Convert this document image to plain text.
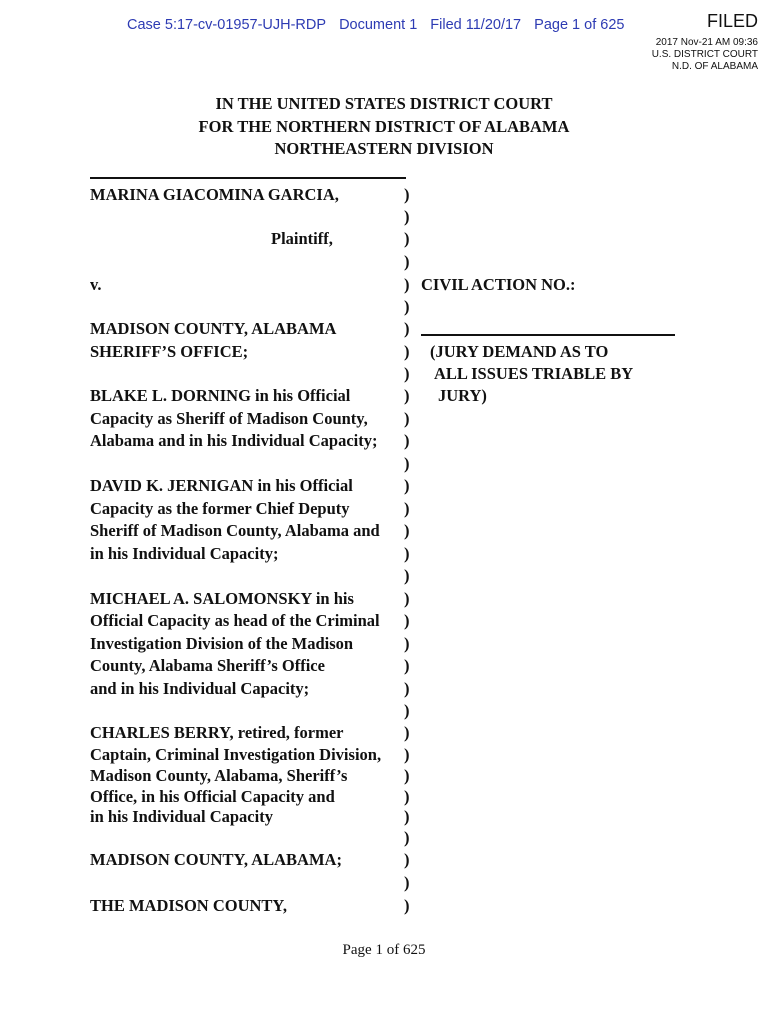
Case 5:17-cv-01957-UJH-RDP Document 1 Filed 11/20/17 Page 1 of 625	FILED
2017 Nov-21 AM 09:36
U.S. DISTRICT COURT
N.D. OF ALABAMA
IN THE UNITED STATES DISTRICT COURT
FOR THE NORTHERN DISTRICT OF ALABAMA
NORTHEASTERN DIVISION
MARINA GIACOMINA GARCIA,
Plaintiff,
v.
MADISON COUNTY, ALABAMA
SHERIFF’S OFFICE;
BLAKE L. DORNING in his Official
Capacity as Sheriff of Madison County,
Alabama and in his Individual Capacity;
DAVID K. JERNIGAN in his Official
Capacity as the former Chief Deputy
Sheriff of Madison County, Alabama and
in his Individual Capacity;
MICHAEL A. SALOMONSKY in his
Official Capacity as head of the Criminal
Investigation Division of the Madison
County, Alabama Sheriff’s Office
and in his Individual Capacity;
CHARLES BERRY, retired, former
Captain, Criminal Investigation Division,
Madison County, Alabama, Sheriff’s
Office, in his Official Capacity and
in his Individual Capacity
MADISON COUNTY, ALABAMA;
THE MADISON COUNTY,
)
)
)
)
)
)
)
)
)
)
)
)
)
)
)
)
)
)
)
)
)
)
)
)
)
)
)
)
)
)
)
)
)
CIVIL ACTION NO.:
(JURY DEMAND AS TO
ALL ISSUES TRIABLE BY
JURY)
Page 1 of 625
